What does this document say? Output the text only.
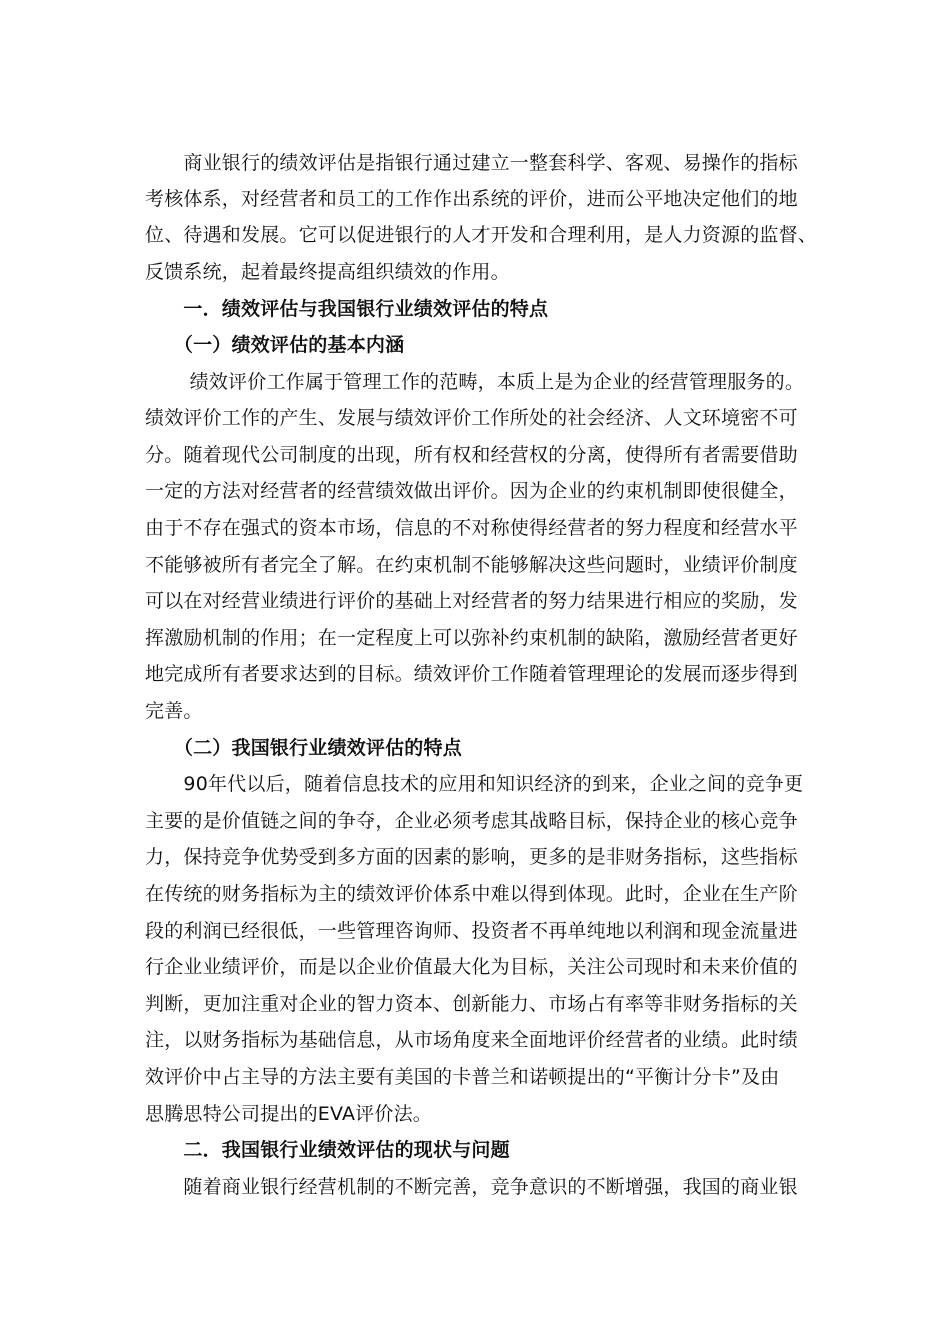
　　商业银行的绩效评估是指银行通过建立一整套科学、客观、易操作的指标
考核体系，对经营者和员工的工作作出系统的评价，进而公平地决定他们的地
位、待遇和发展。它可以促进银行的人才开发和合理利用，是人力资源的监督、
反馈系统，起着最终提高组织绩效的作用。
　　一．绩效评估与我国银行业绩效评估的特点
　　（一）绩效评估的基本内涵
　　 绩效评价工作属于管理工作的范畴，本质上是为企业的经营管理服务的。
绩效评价工作的产生、发展与绩效评价工作所处的社会经济、人文环境密不可
分。随着现代公司制度的出现，所有权和经营权的分离，使得所有者需要借助
一定的方法对经营者的经营绩效做出评价。因为企业的约束机制即使很健全，
由于不存在强式的资本市场，信息的不对称使得经营者的努力程度和经营水平
不能够被所有者完全了解。在约束机制不能够解决这些问题时，业绩评价制度
可以在对经营业绩进行评价的基础上对经营者的努力结果进行相应的奖励，发
挥激励机制的作用；在一定程度上可以弥补约束机制的缺陷，激励经营者更好
地完成所有者要求达到的目标。绩效评价工作随着管理理论的发展而逐步得到
完善。
　　（二）我国银行业绩效评估的特点
　　90年代以后，随着信息技术的应用和知识经济的到来，企业之间的竞争更
主要的是价值链之间的争夺，企业必须考虑其战略目标，保持企业的核心竞争
力，保持竞争优势受到多方面的因素的影响，更多的是非财务指标，这些指标
在传统的财务指标为主的绩效评价体系中难以得到体现。此时，企业在生产阶
段的利润已经很低，一些管理咨询师、投资者不再单纯地以利润和现金流量进
行企业业绩评价，而是以企业价值最大化为目标，关注公司现时和未来价值的
判断，更加注重对企业的智力资本、创新能力、市场占有率等非财务指标的关
注，以财务指标为基础信息，从市场角度来全面地评价经营者的业绩。此时绩
效评价中占主导的方法主要有美国的卡普兰和诺顿提出的“平衡计分卡”及由
思腾思特公司提出的EVA评价法。
　　二．我国银行业绩效评估的现状与问题
　　随着商业银行经营机制的不断完善，竞争意识的不断增强，我国的商业银
